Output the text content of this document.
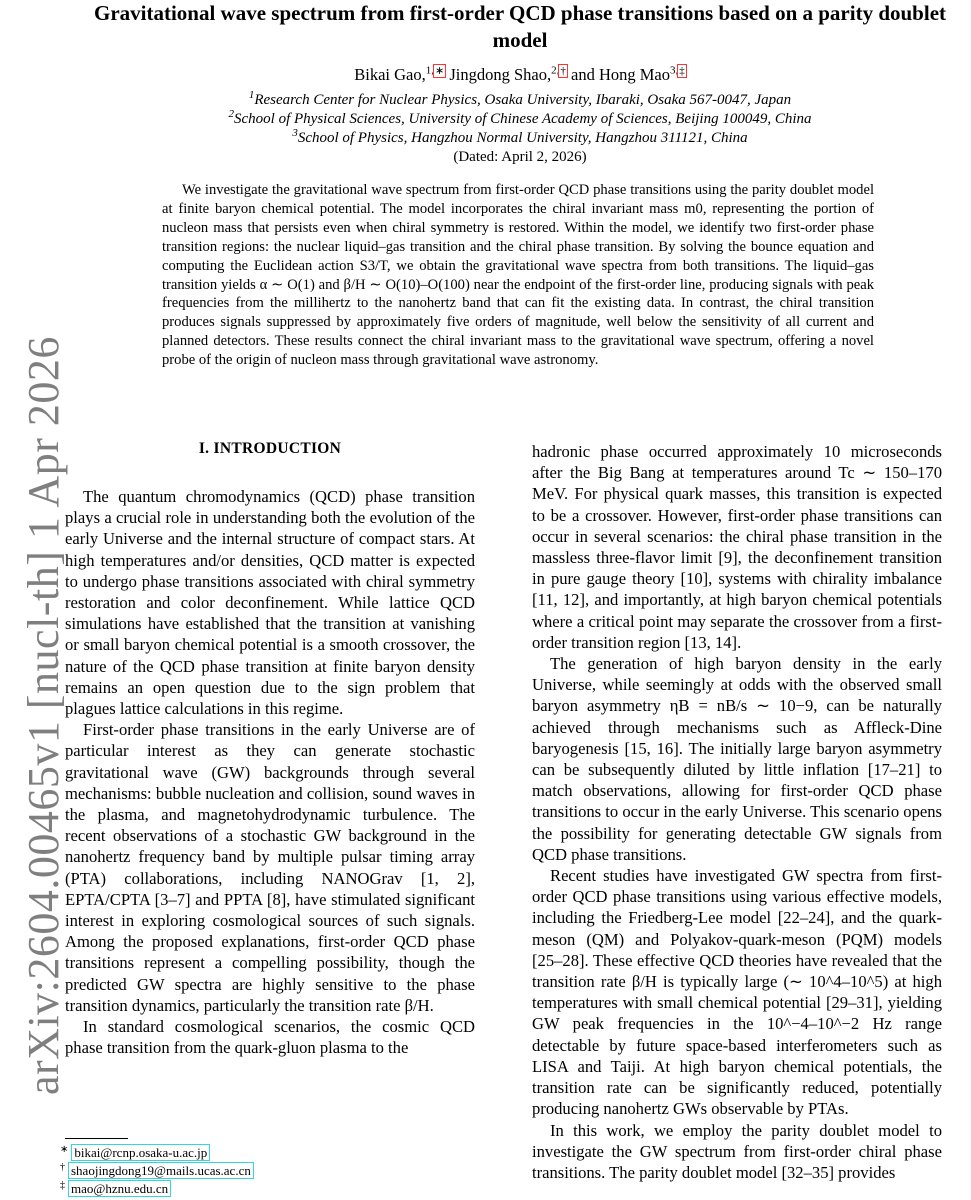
arXiv:2604.00465v1 [nucl-th] 1 Apr 2026
Gravitational wave spectrum from first-order QCD phase transitions based on a parity doublet model
Bikai Gao,$^{1,∗}$ Jingdong Shao,$^{2,\dagger}$ and Hong Mao$^{3,\ddagger}$
$^1$Research Center for Nuclear Physics, Osaka University, Ibaraki, Osaka 567-0047, Japan
$^2$School of Physical Sciences, University of Chinese Academy of Sciences, Beijing 100049, China
$^3$School of Physics, Hangzhou Normal University, Hangzhou 311121, China
(Dated: April 2, 2026)
We investigate the gravitational wave spectrum from first-order QCD phase transitions using the parity doublet model at finite baryon chemical potential. The model incorporates the chiral invariant mass m0, representing the portion of nucleon mass that persists even when chiral symmetry is restored. Within the model, we identify two first-order phase transition regions: the nuclear liquid–gas transition and the chiral phase transition. By solving the bounce equation and computing the Euclidean action S3/T, we obtain the gravitational wave spectra from both transitions. The liquid–gas transition yields α ∼ O(1) and β/H ∼ O(10)–O(100) near the endpoint of the first-order line, producing signals with peak frequencies from the millihertz to the nanohertz band that can fit the existing data. In contrast, the chiral transition produces signals suppressed by approximately five orders of magnitude, well below the sensitivity of all current and planned detectors. These results connect the chiral invariant mass to the gravitational wave spectrum, offering a novel probe of the origin of nucleon mass through gravitational wave astronomy.
I. INTRODUCTION

The quantum chromodynamics (QCD) phase transition plays a crucial role in understanding both the evolution of the early Universe and the internal structure of compact stars. At high temperatures and/or densities, QCD matter is expected to undergo phase transitions associated with chiral symmetry restoration and color deconfinement. While lattice QCD simulations have established that the transition at vanishing or small baryon chemical potential is a smooth crossover, the nature of the QCD phase transition at finite baryon density remains an open question due to the sign problem that plagues lattice calculations in this regime.

First-order phase transitions in the early Universe are of particular interest as they can generate stochastic gravitational wave (GW) backgrounds through several mechanisms: bubble nucleation and collision, sound waves in the plasma, and magnetohydrodynamic turbulence. The recent observations of a stochastic GW background in the nanohertz frequency band by multiple pulsar timing array (PTA) collaborations, including NANOGrav [1, 2], EPTA/CPTA [3–7] and PPTA [8], have stimulated significant interest in exploring cosmological sources of such signals. Among the proposed explanations, first-order QCD phase transitions represent a compelling possibility, though the predicted GW spectra are highly sensitive to the phase transition dynamics, particularly the transition rate β/H.

In standard cosmological scenarios, the cosmic QCD phase transition from the quark-gluon plasma to the

hadronic phase occurred approximately 10 microseconds after the Big Bang at temperatures around Tc ∼ 150–170 MeV. For physical quark masses, this transition is expected to be a crossover. However, first-order phase transitions can occur in several scenarios: the chiral phase transition in the massless three-flavor limit [9], the deconfinement transition in pure gauge theory [10], systems with chirality imbalance [11, 12], and importantly, at high baryon chemical potentials where a critical point may separate the crossover from a first-order transition region [13, 14].

The generation of high baryon density in the early Universe, while seemingly at odds with the observed small baryon asymmetry ηB = nB/s ∼ 10−9, can be naturally achieved through mechanisms such as Affleck-Dine baryogenesis [15, 16]. The initially large baryon asymmetry can be subsequently diluted by little inflation [17–21] to match observations, allowing for first-order QCD phase transitions to occur in the early Universe. This scenario opens the possibility for generating detectable GW signals from QCD phase transitions.

Recent studies have investigated GW spectra from first-order QCD phase transitions using various effective models, including the Friedberg-Lee model [22–24], and the quark-meson (QM) and Polyakov-quark-meson (PQM) models [25–28]. These effective QCD theories have revealed that the transition rate β/H is typically large (∼ 10^4–10^5) at high temperatures with small chemical potential [29–31], yielding GW peak frequencies in the 10^−4–10^−2 Hz range detectable by future space-based interferometers such as LISA and Taiji. At high baryon chemical potentials, the transition rate can be significantly reduced, potentially producing nanohertz GWs observable by PTAs.

In this work, we employ the parity doublet model to investigate the GW spectrum from first-order chiral phase transitions. The parity doublet model [32–35] provides

∗ bikai@rcnp.osaka-u.ac.jp
† shaojingdong19@mails.ucas.ac.cn
‡ mao@hznu.edu.cn
